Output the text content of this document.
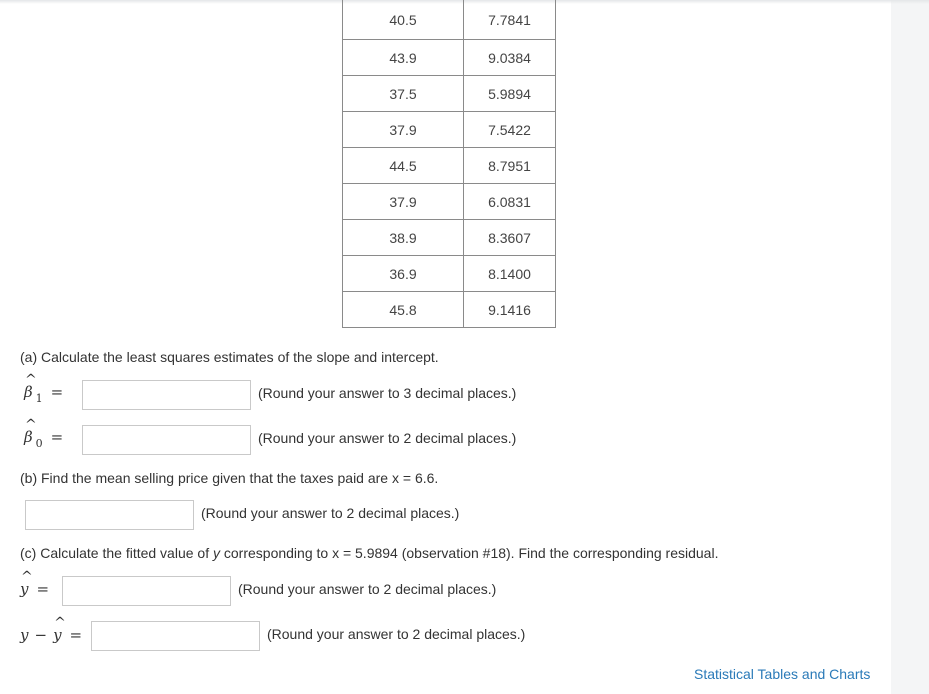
40.5	7.7841
43.9	9.0384
37.5	5.9894
37.9	7.5422
44.5	8.7951
37.9	6.0831
38.9	8.3607
36.9	8.1400
45.8	9.1416
(a) Calculate the least squares estimates of the slope and intercept.
^
β $_1$ =	(Round your answer to 3 decimal places.)
^
β $_0$ =	(Round your answer to 2 decimal places.)
(b) Find the mean selling price given that the taxes paid are x = 6.6.
(Round your answer to 2 decimal places.)
(c) Calculate the fitted value of y corresponding to x = 5.9894 (observation #18). Find the corresponding residual.
^
y =	(Round your answer to 2 decimal places.)
y −
^
y =	(Round your answer to 2 decimal places.)
Statistical Tables and Charts
